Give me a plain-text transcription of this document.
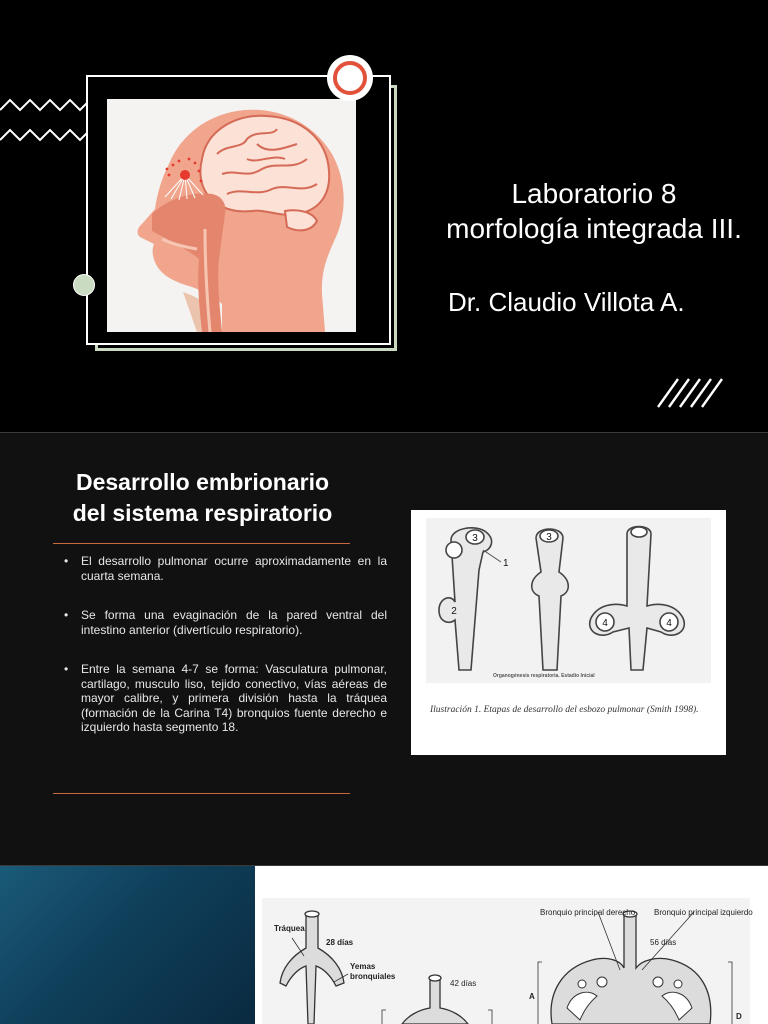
Laboratorio 8
morfología integrada III.
Dr. Claudio Villota A.
Desarrollo embrionario
del sistema respiratorio
• El desarrollo pulmonar ocurre aproximadamente en la cuarta semana.
• Se forma una evaginación de la pared ventral del intestino anterior (divertículo respiratorio).
• Entre la semana 4-7 se forma: Vasculatura pulmonar, cartilago, musculo liso, tejido conectivo, vías aéreas de mayor calibre, y primera división hasta la tráquea (formación de la Carina T4) bronquios fuente derecho e izquierdo hasta segmento 18.
3
1
2
3
4	4
Organogénesis respiratoria. Estadio Inicial
Ilustración 1. Etapas de desarrollo del esbozo pulmonar (Smith 1998).
Tráquea
28 días
Yemas
bronquiales
42 días
Bronquio principal derecho Bronquio principal izquierdo
56 días
A
D
